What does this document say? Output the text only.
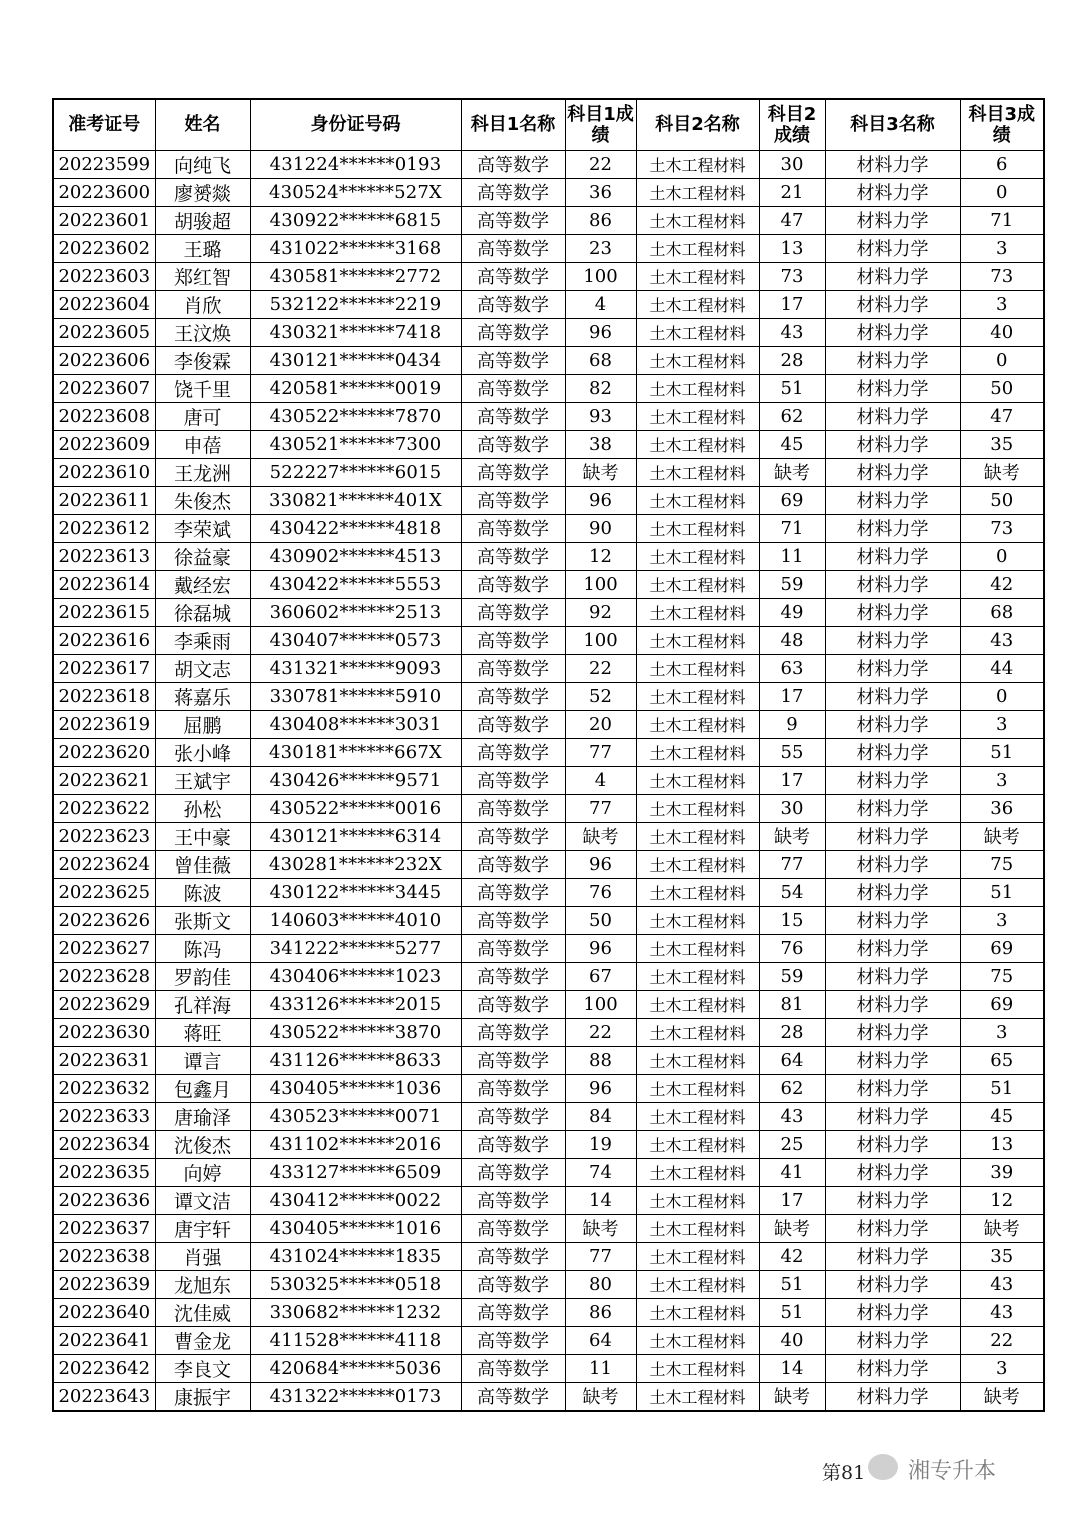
准考证号	姓名	身份证号码	科目1名称	科目1成绩	科目2名称	科目2成绩	科目3名称	科目3成绩
20223599	向纯飞	431224******0193	高等数学	22	土木工程材料	30	材料力学	6
20223600	廖赟燚	430524******527X	高等数学	36	土木工程材料	21	材料力学	0
20223601	胡骏超	430922******6815	高等数学	86	土木工程材料	47	材料力学	71
20223602	王璐	431022******3168	高等数学	23	土木工程材料	13	材料力学	3
20223603	郑红智	430581******2772	高等数学	100	土木工程材料	73	材料力学	73
20223604	肖欣	532122******2219	高等数学	4	土木工程材料	17	材料力学	3
20223605	王汶焕	430321******7418	高等数学	96	土木工程材料	43	材料力学	40
20223606	李俊霖	430121******0434	高等数学	68	土木工程材料	28	材料力学	0
20223607	饶千里	420581******0019	高等数学	82	土木工程材料	51	材料力学	50
20223608	唐可	430522******7870	高等数学	93	土木工程材料	62	材料力学	47
20223609	申蓓	430521******7300	高等数学	38	土木工程材料	45	材料力学	35
20223610	王龙洲	522227******6015	高等数学	缺考	土木工程材料	缺考	材料力学	缺考
20223611	朱俊杰	330821******401X	高等数学	96	土木工程材料	69	材料力学	50
20223612	李荣斌	430422******4818	高等数学	90	土木工程材料	71	材料力学	73
20223613	徐益豪	430902******4513	高等数学	12	土木工程材料	11	材料力学	0
20223614	戴经宏	430422******5553	高等数学	100	土木工程材料	59	材料力学	42
20223615	徐磊城	360602******2513	高等数学	92	土木工程材料	49	材料力学	68
20223616	李乘雨	430407******0573	高等数学	100	土木工程材料	48	材料力学	43
20223617	胡文志	431321******9093	高等数学	22	土木工程材料	63	材料力学	44
20223618	蒋嘉乐	330781******5910	高等数学	52	土木工程材料	17	材料力学	0
20223619	屈鹏	430408******3031	高等数学	20	土木工程材料	9	材料力学	3
20223620	张小峰	430181******667X	高等数学	77	土木工程材料	55	材料力学	51
20223621	王斌宇	430426******9571	高等数学	4	土木工程材料	17	材料力学	3
20223622	孙松	430522******0016	高等数学	77	土木工程材料	30	材料力学	36
20223623	王中豪	430121******6314	高等数学	缺考	土木工程材料	缺考	材料力学	缺考
20223624	曾佳薇	430281******232X	高等数学	96	土木工程材料	77	材料力学	75
20223625	陈波	430122******3445	高等数学	76	土木工程材料	54	材料力学	51
20223626	张斯文	140603******4010	高等数学	50	土木工程材料	15	材料力学	3
20223627	陈冯	341222******5277	高等数学	96	土木工程材料	76	材料力学	69
20223628	罗韵佳	430406******1023	高等数学	67	土木工程材料	59	材料力学	75
20223629	孔祥海	433126******2015	高等数学	100	土木工程材料	81	材料力学	69
20223630	蒋旺	430522******3870	高等数学	22	土木工程材料	28	材料力学	3
20223631	谭言	431126******8633	高等数学	88	土木工程材料	64	材料力学	65
20223632	包鑫月	430405******1036	高等数学	96	土木工程材料	62	材料力学	51
20223633	唐瑜泽	430523******0071	高等数学	84	土木工程材料	43	材料力学	45
20223634	沈俊杰	431102******2016	高等数学	19	土木工程材料	25	材料力学	13
20223635	向婷	433127******6509	高等数学	74	土木工程材料	41	材料力学	39
20223636	谭文洁	430412******0022	高等数学	14	土木工程材料	17	材料力学	12
20223637	唐宇轩	430405******1016	高等数学	缺考	土木工程材料	缺考	材料力学	缺考
20223638	肖强	431024******1835	高等数学	77	土木工程材料	42	材料力学	35
20223639	龙旭东	530325******0518	高等数学	80	土木工程材料	51	材料力学	43
20223640	沈佳威	330682******1232	高等数学	86	土木工程材料	51	材料力学	43
20223641	曹金龙	411528******4118	高等数学	64	土木工程材料	40	材料力学	22
20223642	李良文	420684******5036	高等数学	11	土木工程材料	14	材料力学	3
20223643	康振宇	431322******0173	高等数学	缺考	土木工程材料	缺考	材料力学	缺考
第81 湘专升本
